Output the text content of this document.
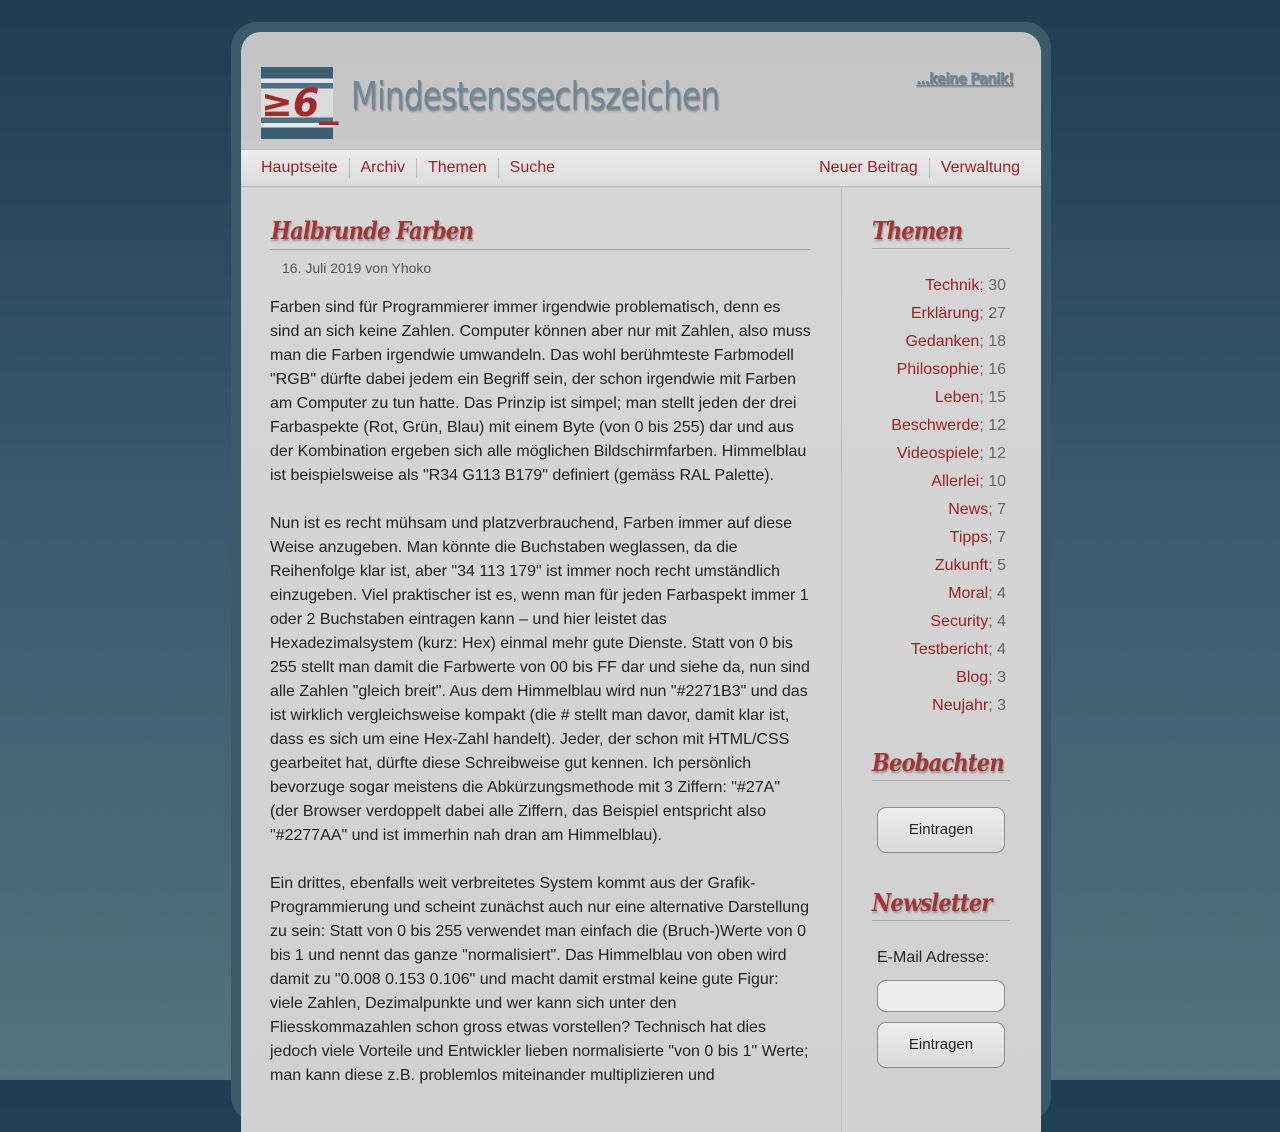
≥6_ Mindestenssechszeichen	...keine Panik!
Hauptseite	Archiv	Themen	Suche	Neuer Beitrag	Verwaltung
Halbrunde Farben
16. Juli 2019 von Yhoko

Farben sind für Programmierer immer irgendwie problematisch, denn es sind an sich keine Zahlen. Computer können aber nur mit Zahlen, also muss man die Farben irgendwie umwandeln. Das wohl berühmteste Farbmodell "RGB" dürfte dabei jedem ein Begriff sein, der schon irgendwie mit Farben am Computer zu tun hatte. Das Prinzip ist simpel; man stellt jeden der drei Farbaspekte (Rot, Grün, Blau) mit einem Byte (von 0 bis 255) dar und aus der Kombination ergeben sich alle möglichen Bildschirmfarben. Himmelblau ist beispielsweise als "R34 G113 B179" definiert (gemäss RAL Palette).

Nun ist es recht mühsam und platzverbrauchend, Farben immer auf diese Weise anzugeben. Man könnte die Buchstaben weglassen, da die Reihenfolge klar ist, aber "34 113 179" ist immer noch recht umständlich einzugeben. Viel praktischer ist es, wenn man für jeden Farbaspekt immer 1 oder 2 Buchstaben eintragen kann – und hier leistet das Hexadezimalsystem (kurz: Hex) einmal mehr gute Dienste. Statt von 0 bis 255 stellt man damit die Farbwerte von 00 bis FF dar und siehe da, nun sind alle Zahlen "gleich breit". Aus dem Himmelblau wird nun "#2271B3" und das ist wirklich vergleichsweise kompakt (die # stellt man davor, damit klar ist, dass es sich um eine Hex-Zahl handelt). Jeder, der schon mit HTML/CSS gearbeitet hat, dürfte diese Schreibweise gut kennen. Ich persönlich bevorzuge sogar meistens die Abkürzungsmethode mit 3 Ziffern: "#27A" (der Browser verdoppelt dabei alle Ziffern, das Beispiel entspricht also "#2277AA" und ist immerhin nah dran am Himmelblau).

Ein drittes, ebenfalls weit verbreitetes System kommt aus der Grafik-Programmierung und scheint zunächst auch nur eine alternative Darstellung zu sein: Statt von 0 bis 255 verwendet man einfach die (Bruch-)Werte von 0 bis 1 und nennt das ganze "normalisiert". Das Himmelblau von oben wird damit zu "0.008 0.153 0.106" und macht damit erstmal keine gute Figur: viele Zahlen, Dezimalpunkte und wer kann sich unter den Fliesskommazahlen schon gross etwas vorstellen? Technisch hat dies jedoch viele Vorteile und Entwickler lieben normalisierte "von 0 bis 1" Werte; man kann diese z.B. problemlos miteinander multiplizieren und

Themen
Technik; 30
Erklärung; 27
Gedanken; 18
Philosophie; 16
Leben; 15
Beschwerde; 12
Videospiele; 12
Allerlei; 10
News; 7
Tipps; 7
Zukunft; 5
Moral; 4
Security; 4
Testbericht; 4
Blog; 3
Neujahr; 3
Beobachten
Eintragen
Newsletter
E-Mail Adresse:
Eintragen
